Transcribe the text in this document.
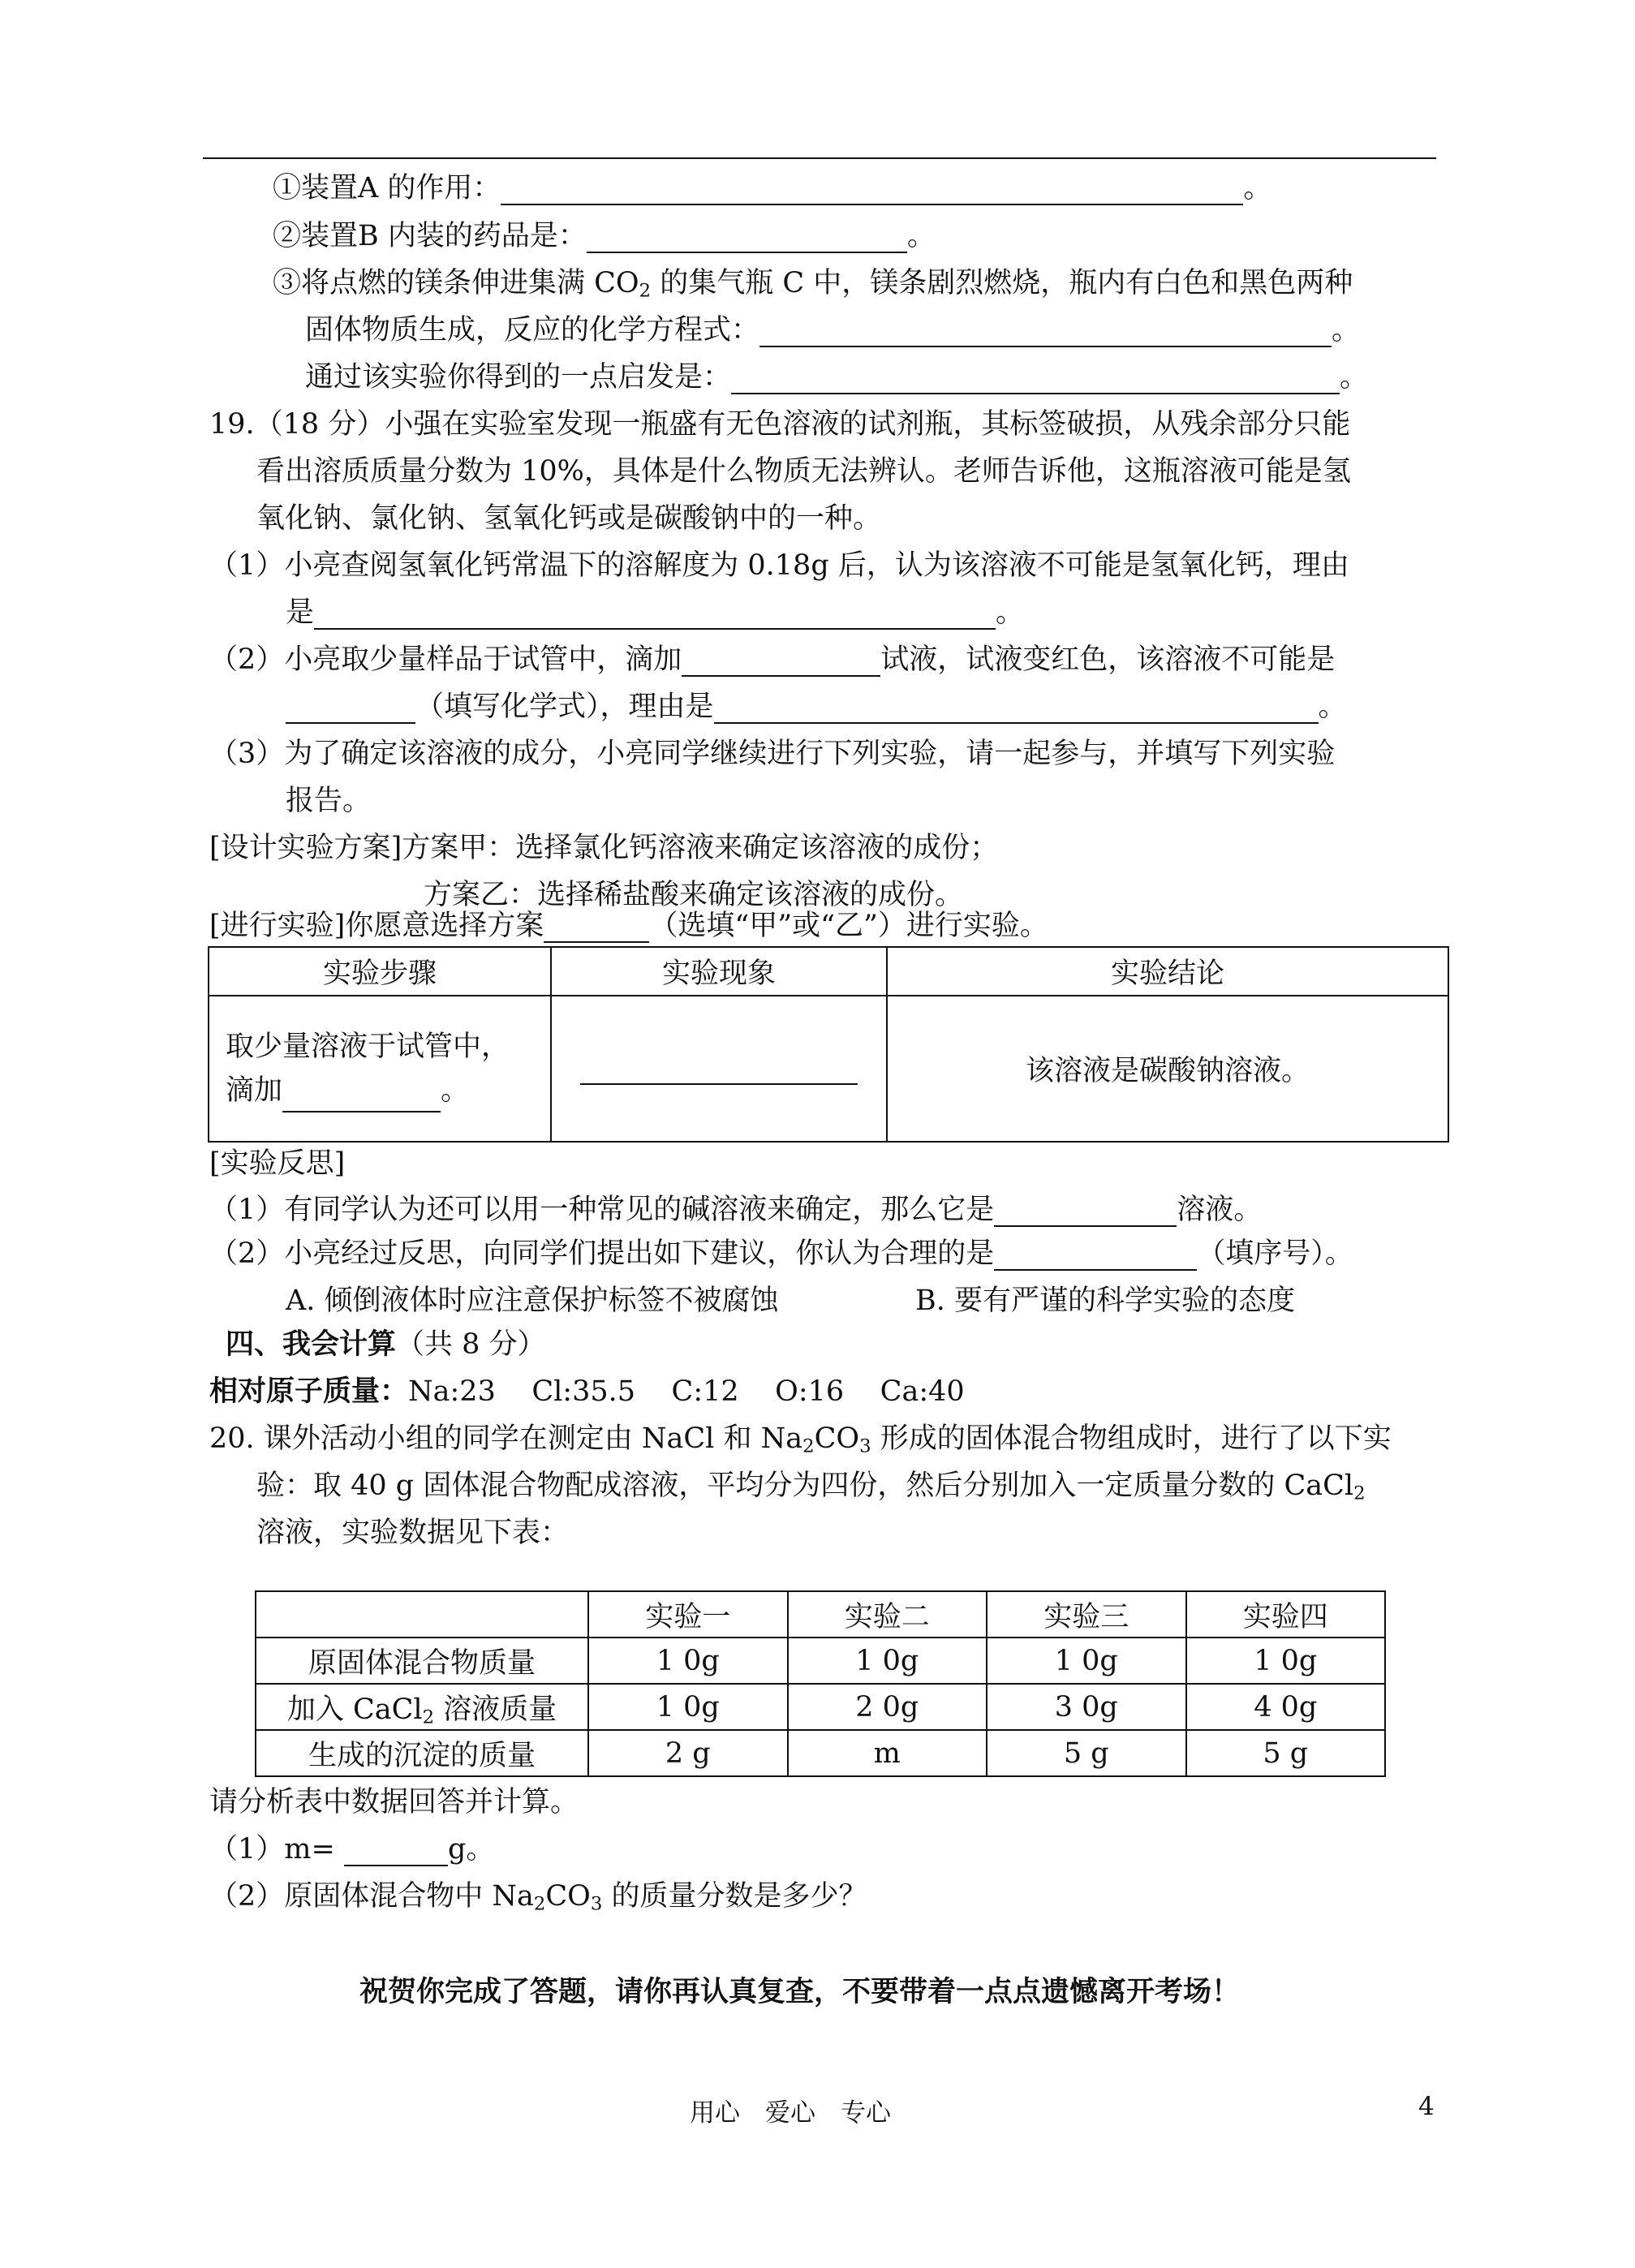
①装置A 的作用：	。
②装置B 内装的药品是：	。
③将点燃的镁条伸进集满 $CO_2$ 的集气瓶 C 中，镁条剧烈燃烧，瓶内有白色和黑色两种
固体物质生成，反应的化学方程式：	。
通过该实验你得到的一点启发是：	。
19.（18 分）小强在实验室发现一瓶盛有无色溶液的试剂瓶，其标签破损，从残余部分只能
看出溶质质量分数为 10%，具体是什么物质无法辨认。老师告诉他，这瓶溶液可能是氢
氧化钠、氯化钠、氢氧化钙或是碳酸钠中的一种。
（1）小亮查阅氢氧化钙常温下的溶解度为 0.18g 后，认为该溶液不可能是氢氧化钙，理由
是	。
（2）小亮取少量样品于试管中，滴加	试液，试液变红色，该溶液不可能是
（填写化学式），理由是	。
（3）为了确定该溶液的成分，小亮同学继续进行下列实验，请一起参与，并填写下列实验
报告。
[设计实验方案]方案甲：选择氯化钙溶液来确定该溶液的成份；
方案乙：选择稀盐酸来确定该溶液的成份。
[进行实验]你愿意选择方案	（选填“甲”或“乙”）进行实验。
实验步骤	实验现象	实验结论

取少量溶液于试管中，
滴加 。		该溶液是碳酸钠溶液。
[实验反思]
（1）有同学认为还可以用一种常见的碱溶液来确定，那么它是	溶液。
（2）小亮经过反思，向同学们提出如下建议，你认为合理的是	（填序号）。
A. 倾倒液体时应注意保护标签不被腐蚀	B. 要有严谨的科学实验的态度
四、我会计算（共 8 分）
相对原子质量：Na:23    Cl:35.5    C:12    O:16    Ca:40
20. 课外活动小组的同学在测定由 NaCl 和 $Na_2CO_3$ 形成的固体混合物组成时，进行了以下实
验：取 40 g 固体混合物配成溶液，平均分为四份，然后分别加入一定质量分数的 CaCl$_2$
溶液，实验数据见下表：
	实验一	实验二	实验三	实验四
原固体混合物质量	1 0g	1 0g	1 0g	1 0g
加入 CaCl$_2$ 溶液质量	1 0g	2 0g	3 0g	4 0g
生成的沉淀的质量	2 g	m	5 g	5 g
请分析表中数据回答并计算。
（1）m=	g。
（2）原固体混合物中 $Na_2CO_3$ 的质量分数是多少？
祝贺你完成了答题，请你再认真复查，不要带着一点点遗憾离开考场！
用心　爱心　专心	4
